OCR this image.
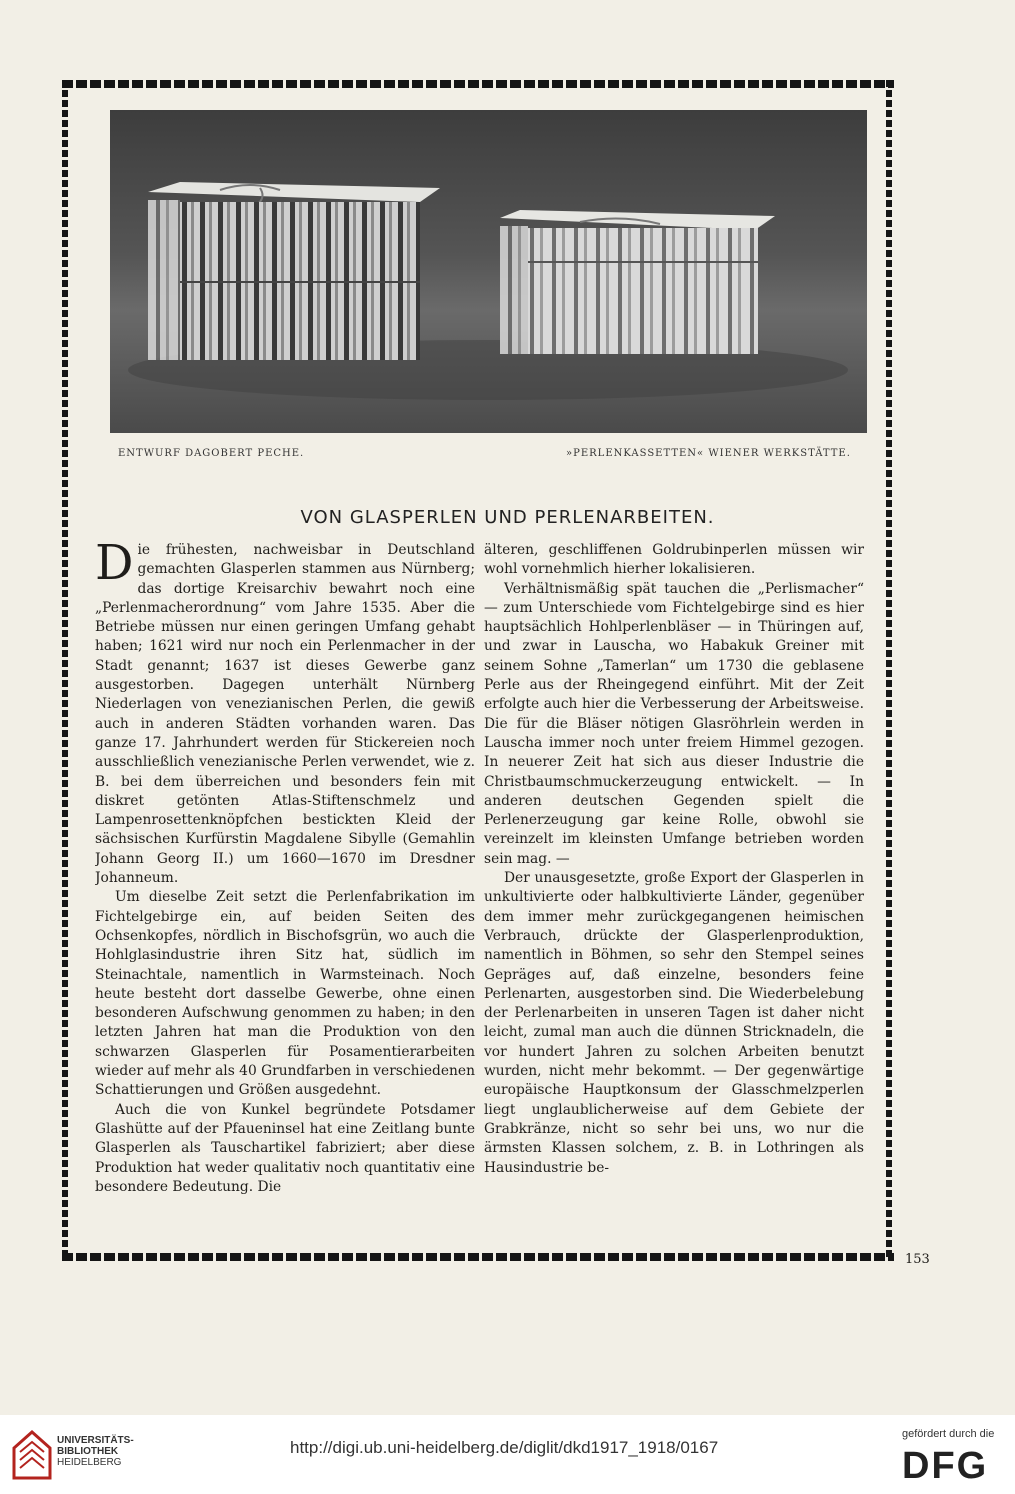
ENTWURF DAGOBERT PECHE.	»PERLENKASSETTEN« WIENER WERKSTÄTTE.
VON GLASPERLEN UND PERLENARBEITEN.

Die frühesten, nachweisbar in Deutschland gemachten Glasperlen stammen aus Nürnberg; das dortige Kreisarchiv bewahrt noch eine „Perlenmacherordnung“ vom Jahre 1535. Aber die Betriebe müssen nur einen geringen Umfang gehabt haben; 1621 wird nur noch ein Perlenmacher in der Stadt genannt; 1637 ist dieses Gewerbe ganz ausgestorben. Dagegen unterhält Nürnberg Niederlagen von venezianischen Perlen, die gewiß auch in anderen Städten vorhanden waren. Das ganze 17. Jahrhundert werden für Stickereien noch ausschließlich venezianische Perlen verwendet, wie z. B. bei dem überreichen und besonders fein mit diskret getönten Atlas-Stiftenschmelz und Lampenrosettenknöpfchen bestickten Kleid der sächsischen Kurfürstin Magdalene Sibylle (Gemahlin Johann Georg II.) um 1660—1670 im Dresdner Johanneum.

Um dieselbe Zeit setzt die Perlenfabrikation im Fichtelgebirge ein, auf beiden Seiten des Ochsenkopfes, nördlich in Bischofsgrün, wo auch die Hohlglasindustrie ihren Sitz hat, südlich im Steinachtale, namentlich in Warmsteinach. Noch heute besteht dort dasselbe Gewerbe, ohne einen besonderen Aufschwung genommen zu haben; in den letzten Jahren hat man die Produktion von den schwarzen Glasperlen für Posamentierarbeiten wieder auf mehr als 40 Grundfarben in verschiedenen Schattierungen und Größen ausgedehnt.

Auch die von Kunkel begründete Potsdamer Glashütte auf der Pfaueninsel hat eine Zeitlang bunte Glasperlen als Tauschartikel fabriziert; aber diese Produktion hat weder qualitativ noch quantitativ eine besondere Bedeutung. Die

älteren, geschliffenen Goldrubinperlen müssen wir wohl vornehmlich hierher lokalisieren.

Verhältnismäßig spät tauchen die „Perlismacher“ — zum Unterschiede vom Fichtelgebirge sind es hier hauptsächlich Hohlperlenbläser — in Thüringen auf, und zwar in Lauscha, wo Habakuk Greiner mit seinem Sohne „Tamerlan“ um 1730 die geblasene Perle aus der Rheingegend einführt. Mit der Zeit erfolgte auch hier die Verbesserung der Arbeitsweise. Die für die Bläser nötigen Glasröhrlein werden in Lauscha immer noch unter freiem Himmel gezogen. In neuerer Zeit hat sich aus dieser Industrie die Christbaumschmuckerzeugung entwickelt. — In anderen deutschen Gegenden spielt die Perlenerzeugung gar keine Rolle, obwohl sie vereinzelt im kleinsten Umfange betrieben worden sein mag. —

Der unausgesetzte, große Export der Glasperlen in unkultivierte oder halbkultivierte Länder, gegenüber dem immer mehr zurückgegangenen heimischen Verbrauch, drückte der Glasperlenproduktion, namentlich in Böhmen, so sehr den Stempel seines Gepräges auf, daß einzelne, besonders feine Perlenarten, ausgestorben sind. Die Wiederbelebung der Perlenarbeiten in unseren Tagen ist daher nicht leicht, zumal man auch die dünnen Stricknadeln, die vor hundert Jahren zu solchen Arbeiten benutzt wurden, nicht mehr bekommt. — Der gegenwärtige europäische Hauptkonsum der Glasschmelzperlen liegt unglaublicherweise auf dem Gebiete der Grabkränze, nicht so sehr bei uns, wo nur die ärmsten Klassen solchem, z. B. in Lothringen als Hausindustrie be-

153
UNIVERSITÄTS-
BIBLIOTHEK
HEIDELBERG
http://digi.ub.uni-heidelberg.de/diglit/dkd1917_1918/0167
gefördert durch die
DFG
